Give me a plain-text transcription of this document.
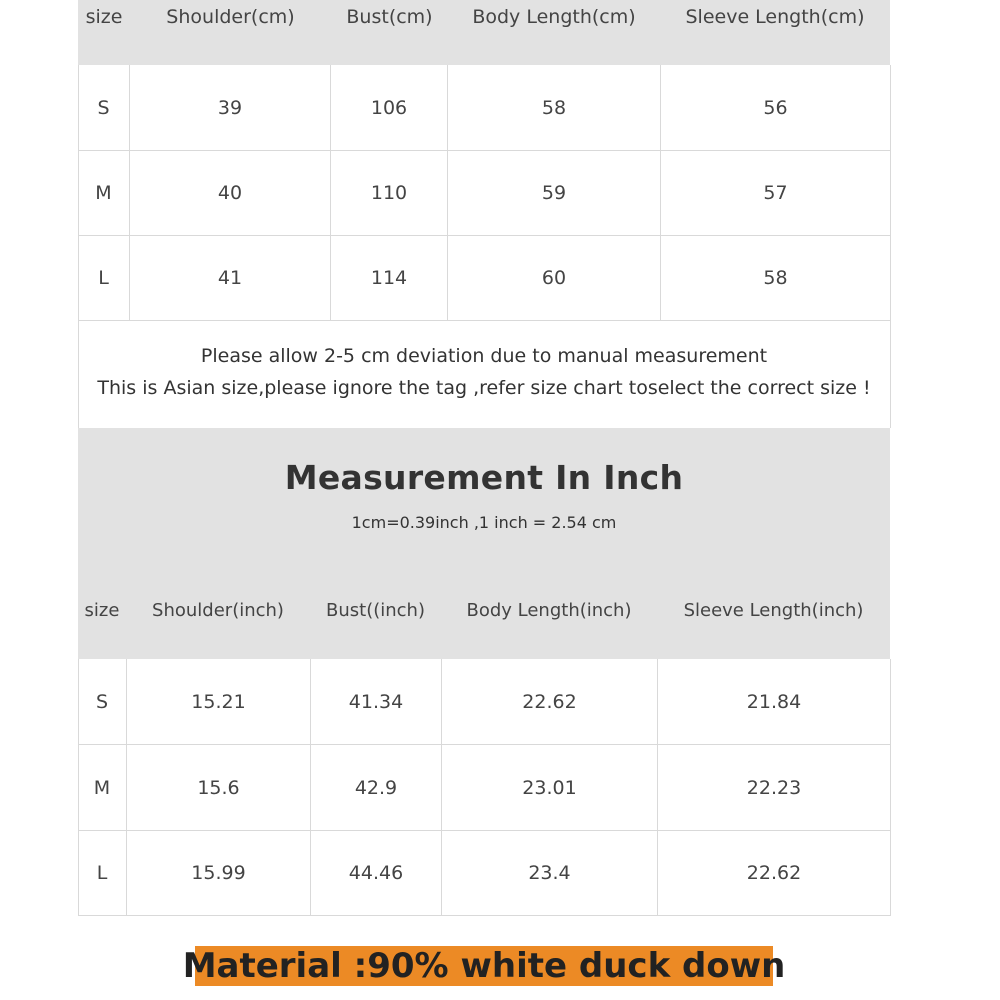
size	Shoulder(cm)	Bust(cm)	Body Length(cm)	Sleeve Length(cm)
S	39	106	58	56
M	40	110	59	57
L	41	114	60	58
Please allow 2-5 cm deviation due to manual measurement
This is Asian size,please ignore the tag ,refer size chart toselect the correct size !
Measurement In Inch
1cm=0.39inch ,1 inch = 2.54 cm
size	Shoulder(inch)	Bust((inch)	Body Length(inch)	Sleeve Length(inch)
S	15.21	41.34	22.62	21.84
M	15.6	42.9	23.01	22.23
L	15.99	44.46	23.4	22.62
Material :90% white duck down
